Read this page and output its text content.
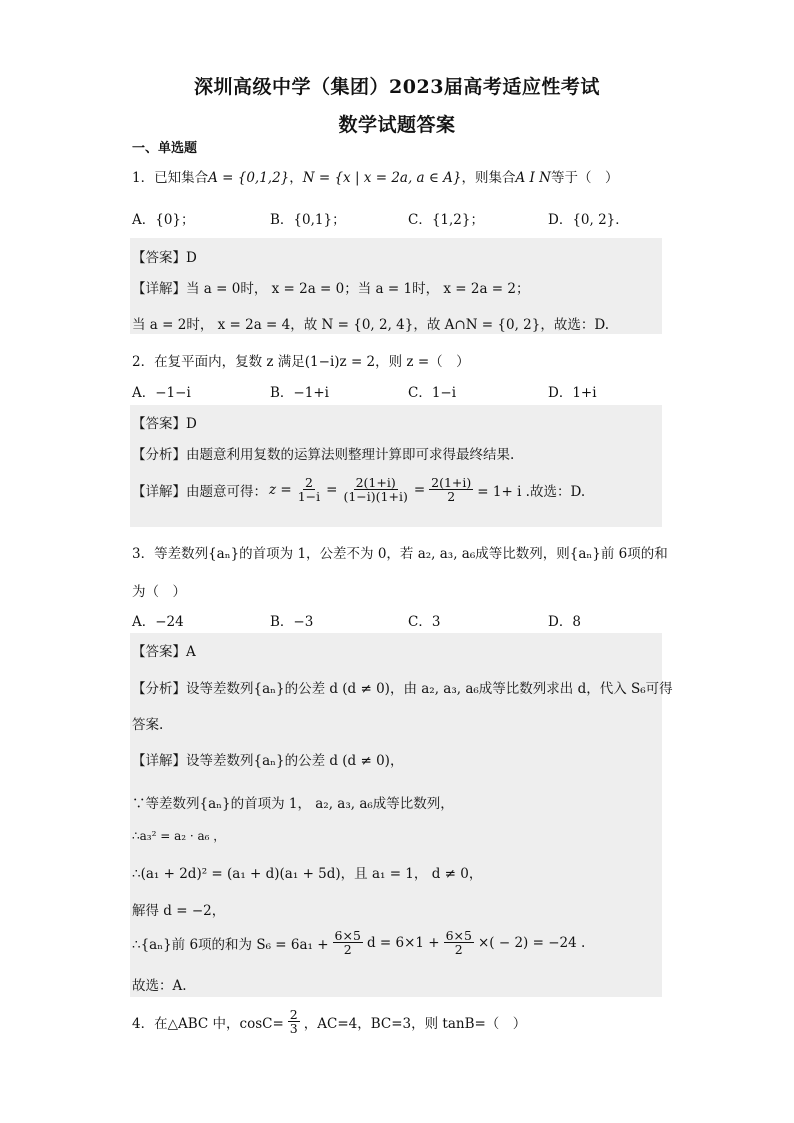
深圳高级中学（集团）2023届高考适应性考试
数学试题答案
一、单选题
1．已知集合A = {0,1,2}，N = {x | x = 2a, a ∈ A}，则集合A I N等于（　）
A．{0}；	B．{0,1}；	C．{1,2}；	D．{0, 2}．
【答案】D
【详解】当 a = 0时， x = 2a = 0；当 a = 1时， x = 2a = 2；
当 a = 2时， x = 2a = 4，故 N = {0, 2, 4}，故 A∩N = {0, 2}，故选：D.
2．在复平面内，复数 z 满足(1−i)z = 2，则 z =（　）
A．−1−i	B．−1+i	C．1−i	D．1+i
【答案】D
【分析】由题意利用复数的运算法则整理计算即可求得最终结果.
【详解】由题意可得： $z = \frac{2}{1-i} = \frac{2(1+i)}{(1-i)(1+i)} = \frac{2(1+i)}{2} = 1+ i$ .故选：D.
3．等差数列{aₙ}的首项为 1，公差不为 0，若 a₂, a₃, a₆成等比数列，则{aₙ}前 6项的和
为（　）
A．−24	B．−3	C．3	D．8
【答案】A
【分析】设等差数列{aₙ}的公差 d (d ≠ 0)，由 a₂, a₃, a₆成等比数列求出 d，代入 S₆可得
答案.
【详解】设等差数列{aₙ}的公差 d (d ≠ 0)，
∵等差数列{aₙ}的首项为 1， a₂, a₃, a₆成等比数列，
∴a₃² = a₂ · a₆ ，
∴(a₁ + 2d)² = (a₁ + d)(a₁ + 5d)，且 a₁ = 1， d ≠ 0，
解得 d = −2，
∴{aₙ}前 6项的和为 $S_6 = 6a_1 + \frac{6\times 5}{2}$ $d = 6\times 1 + \frac{6\times 5}{2}$ ×( − 2) = −24 .
故选：A.
4．在△ABC 中，$\cos C= \frac{2}{3}$ ，AC=4，BC=3，则 tanB=（　）
